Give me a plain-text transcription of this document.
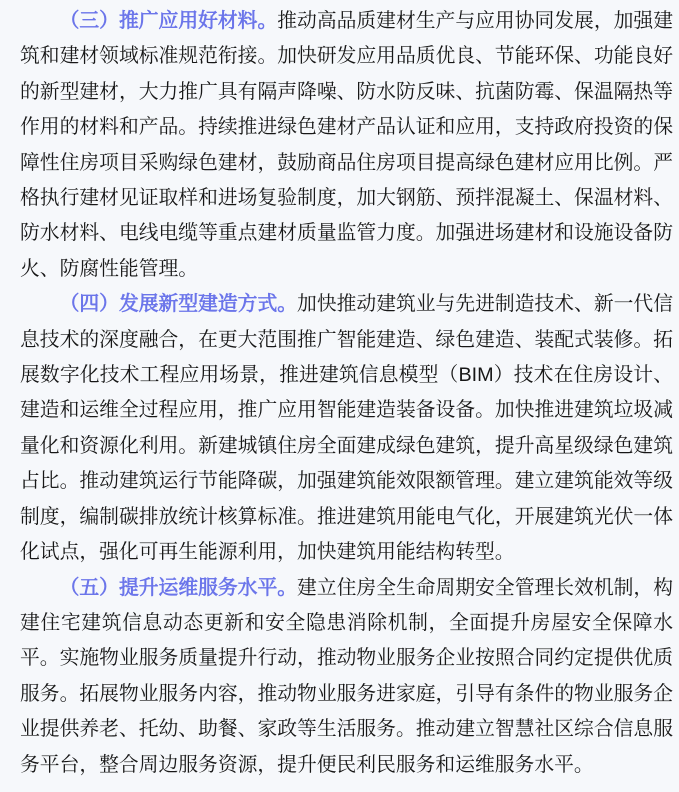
（三）推广应用好材料。推动高品质建材生产与应用协同发展，加强建筑和建材领域标准规范衔接。加快研发应用品质优良、节能环保、功能良好的新型建材，大力推广具有隔声降噪、防水防反味、抗菌防霉、保温隔热等作用的材料和产品。持续推进绿色建材产品认证和应用，支持政府投资的保障性住房项目采购绿色建材，鼓励商品住房项目提高绿色建材应用比例。严格执行建材见证取样和进场复验制度，加大钢筋、预拌混凝土、保温材料、防水材料、电线电缆等重点建材质量监管力度。加强进场建材和设施设备防火、防腐性能管理。

（四）发展新型建造方式。加快推动建筑业与先进制造技术、新一代信息技术的深度融合，在更大范围推广智能建造、绿色建造、装配式装修。拓展数字化技术工程应用场景，推进建筑信息模型（BIM）技术在住房设计、建造和运维全过程应用，推广应用智能建造装备设备。加快推进建筑垃圾减量化和资源化利用。新建城镇住房全面建成绿色建筑，提升高星级绿色建筑占比。推动建筑运行节能降碳，加强建筑能效限额管理。建立建筑能效等级制度，编制碳排放统计核算标准。推进建筑用能电气化，开展建筑光伏一体化试点，强化可再生能源利用，加快建筑用能结构转型。

（五）提升运维服务水平。建立住房全生命周期安全管理长效机制，构建住宅建筑信息动态更新和安全隐患消除机制，全面提升房屋安全保障水平。实施物业服务质量提升行动，推动物业服务企业按照合同约定提供优质服务。拓展物业服务内容，推动物业服务进家庭，引导有条件的物业服务企业提供养老、托幼、助餐、家政等生活服务。推动建立智慧社区综合信息服务平台，整合周边服务资源，提升便民利民服务和运维服务水平。
